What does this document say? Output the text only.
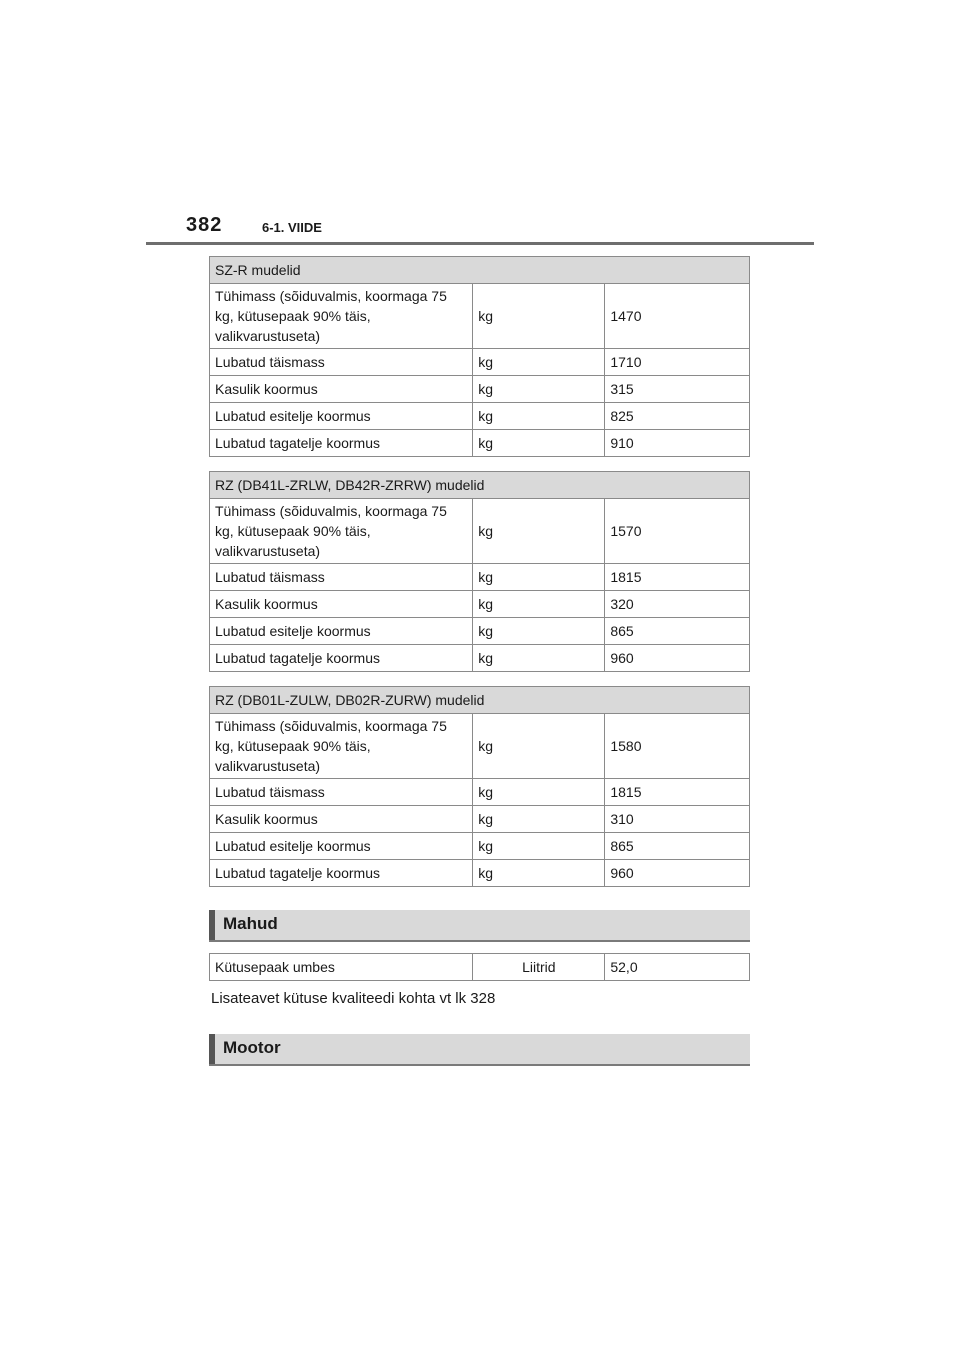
382	6-1. VIIDE
SZ-R mudelid		
Tühimass (sõiduvalmis, koormaga 75 kg, kütusepaak 90% täis, valikvarustuseta)	kg	1470
Lubatud täismass	kg	1710
Kasulik koormus	kg	315
Lubatud esitelje koormus	kg	825
Lubatud tagatelje koormus	kg	910
RZ (DB41L-ZRLW, DB42R-ZRRW) mudelid		
Tühimass (sõiduvalmis, koormaga 75 kg, kütusepaak 90% täis, valikvarustuseta)	kg	1570
Lubatud täismass	kg	1815
Kasulik koormus	kg	320
Lubatud esitelje koormus	kg	865
Lubatud tagatelje koormus	kg	960
RZ (DB01L-ZULW, DB02R-ZURW) mudelid		
Tühimass (sõiduvalmis, koormaga 75 kg, kütusepaak 90% täis, valikvarustuseta)	kg	1580
Lubatud täismass	kg	1815
Kasulik koormus	kg	310
Lubatud esitelje koormus	kg	865
Lubatud tagatelje koormus	kg	960
Mahud
Kütusepaak umbes	Liitrid	52,0
Lisateavet kütuse kvaliteedi kohta vt lk 328
Mootor
